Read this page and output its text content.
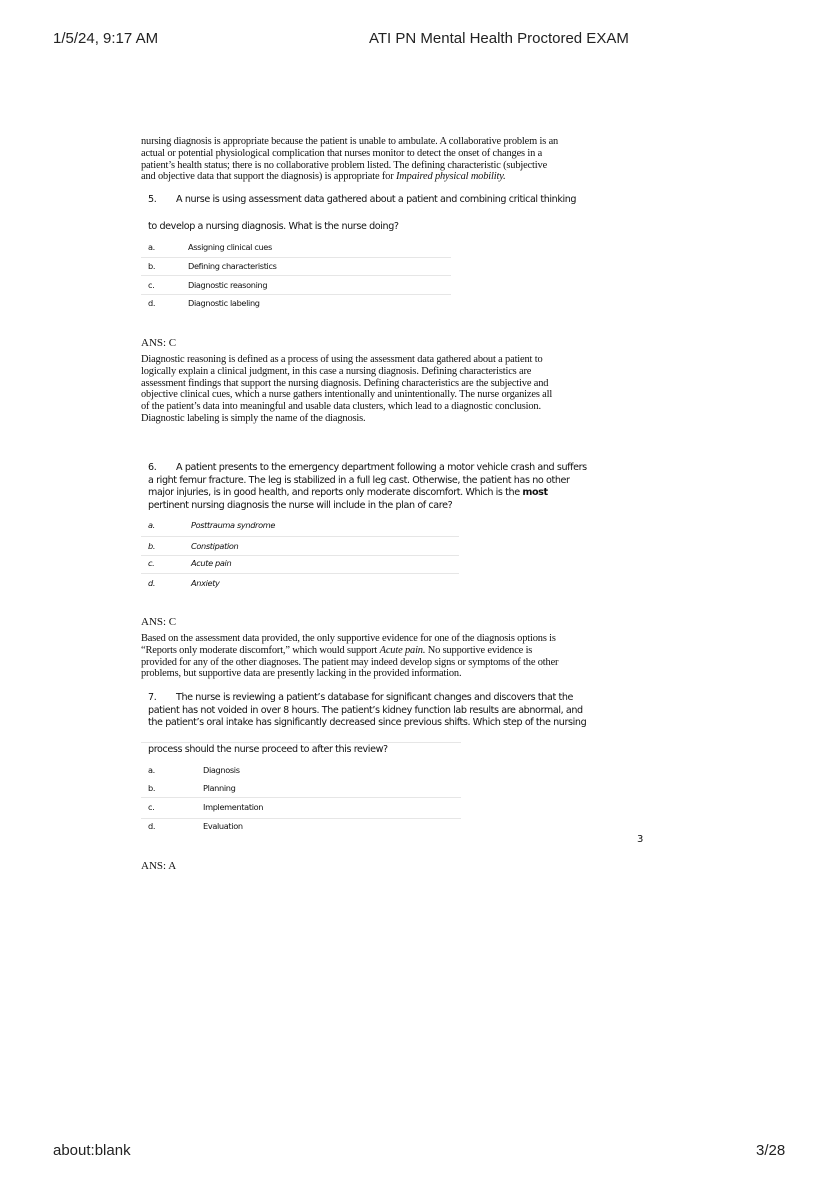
1/5/24, 9:17 AM	ATI PN Mental Health Proctored EXAM
nursing diagnosis is appropriate because the patient is unable to ambulate. A collaborative problem is an
actual or potential physiological complication that nurses monitor to detect the onset of changes in a
patient’s health status; there is no collaborative problem listed. The defining characteristic (subjective
and objective data that support the diagnosis) is appropriate for Impaired physical mobility.
5. A nurse is using assessment data gathered about a patient and combining critical thinking
to develop a nursing diagnosis. What is the nurse doing?
a.	Assigning clinical cues
b.	Defining characteristics
c.	Diagnostic reasoning
d.	Diagnostic labeling
ANS: C
Diagnostic reasoning is defined as a process of using the assessment data gathered about a patient to
logically explain a clinical judgment, in this case a nursing diagnosis. Defining characteristics are
assessment findings that support the nursing diagnosis. Defining characteristics are the subjective and
objective clinical cues, which a nurse gathers intentionally and unintentionally. The nurse organizes all
of the patient’s data into meaningful and usable data clusters, which lead to a diagnostic conclusion.
Diagnostic labeling is simply the name of the diagnosis.
6. A patient presents to the emergency department following a motor vehicle crash and suffers
a right femur fracture. The leg is stabilized in a full leg cast. Otherwise, the patient has no other
major injuries, is in good health, and reports only moderate discomfort. Which is the most
pertinent nursing diagnosis the nurse will include in the plan of care?
a.	Posttrauma syndrome
b.	Constipation
c.	Acute pain
d.	Anxiety
ANS: C
Based on the assessment data provided, the only supportive evidence for one of the diagnosis options is
“Reports only moderate discomfort,” which would support Acute pain. No supportive evidence is
provided for any of the other diagnoses. The patient may indeed develop signs or symptoms of the other
problems, but supportive data are presently lacking in the provided information.
7. The nurse is reviewing a patient’s database for significant changes and discovers that the
patient has not voided in over 8 hours. The patient’s kidney function lab results are abnormal, and
the patient’s oral intake has significantly decreased since previous shifts. Which step of the nursing
process should the nurse proceed to after this review?
a.	Diagnosis
b.	Planning
c.	Implementation
d.	Evaluation
3
ANS: A
about:blank	3/28
